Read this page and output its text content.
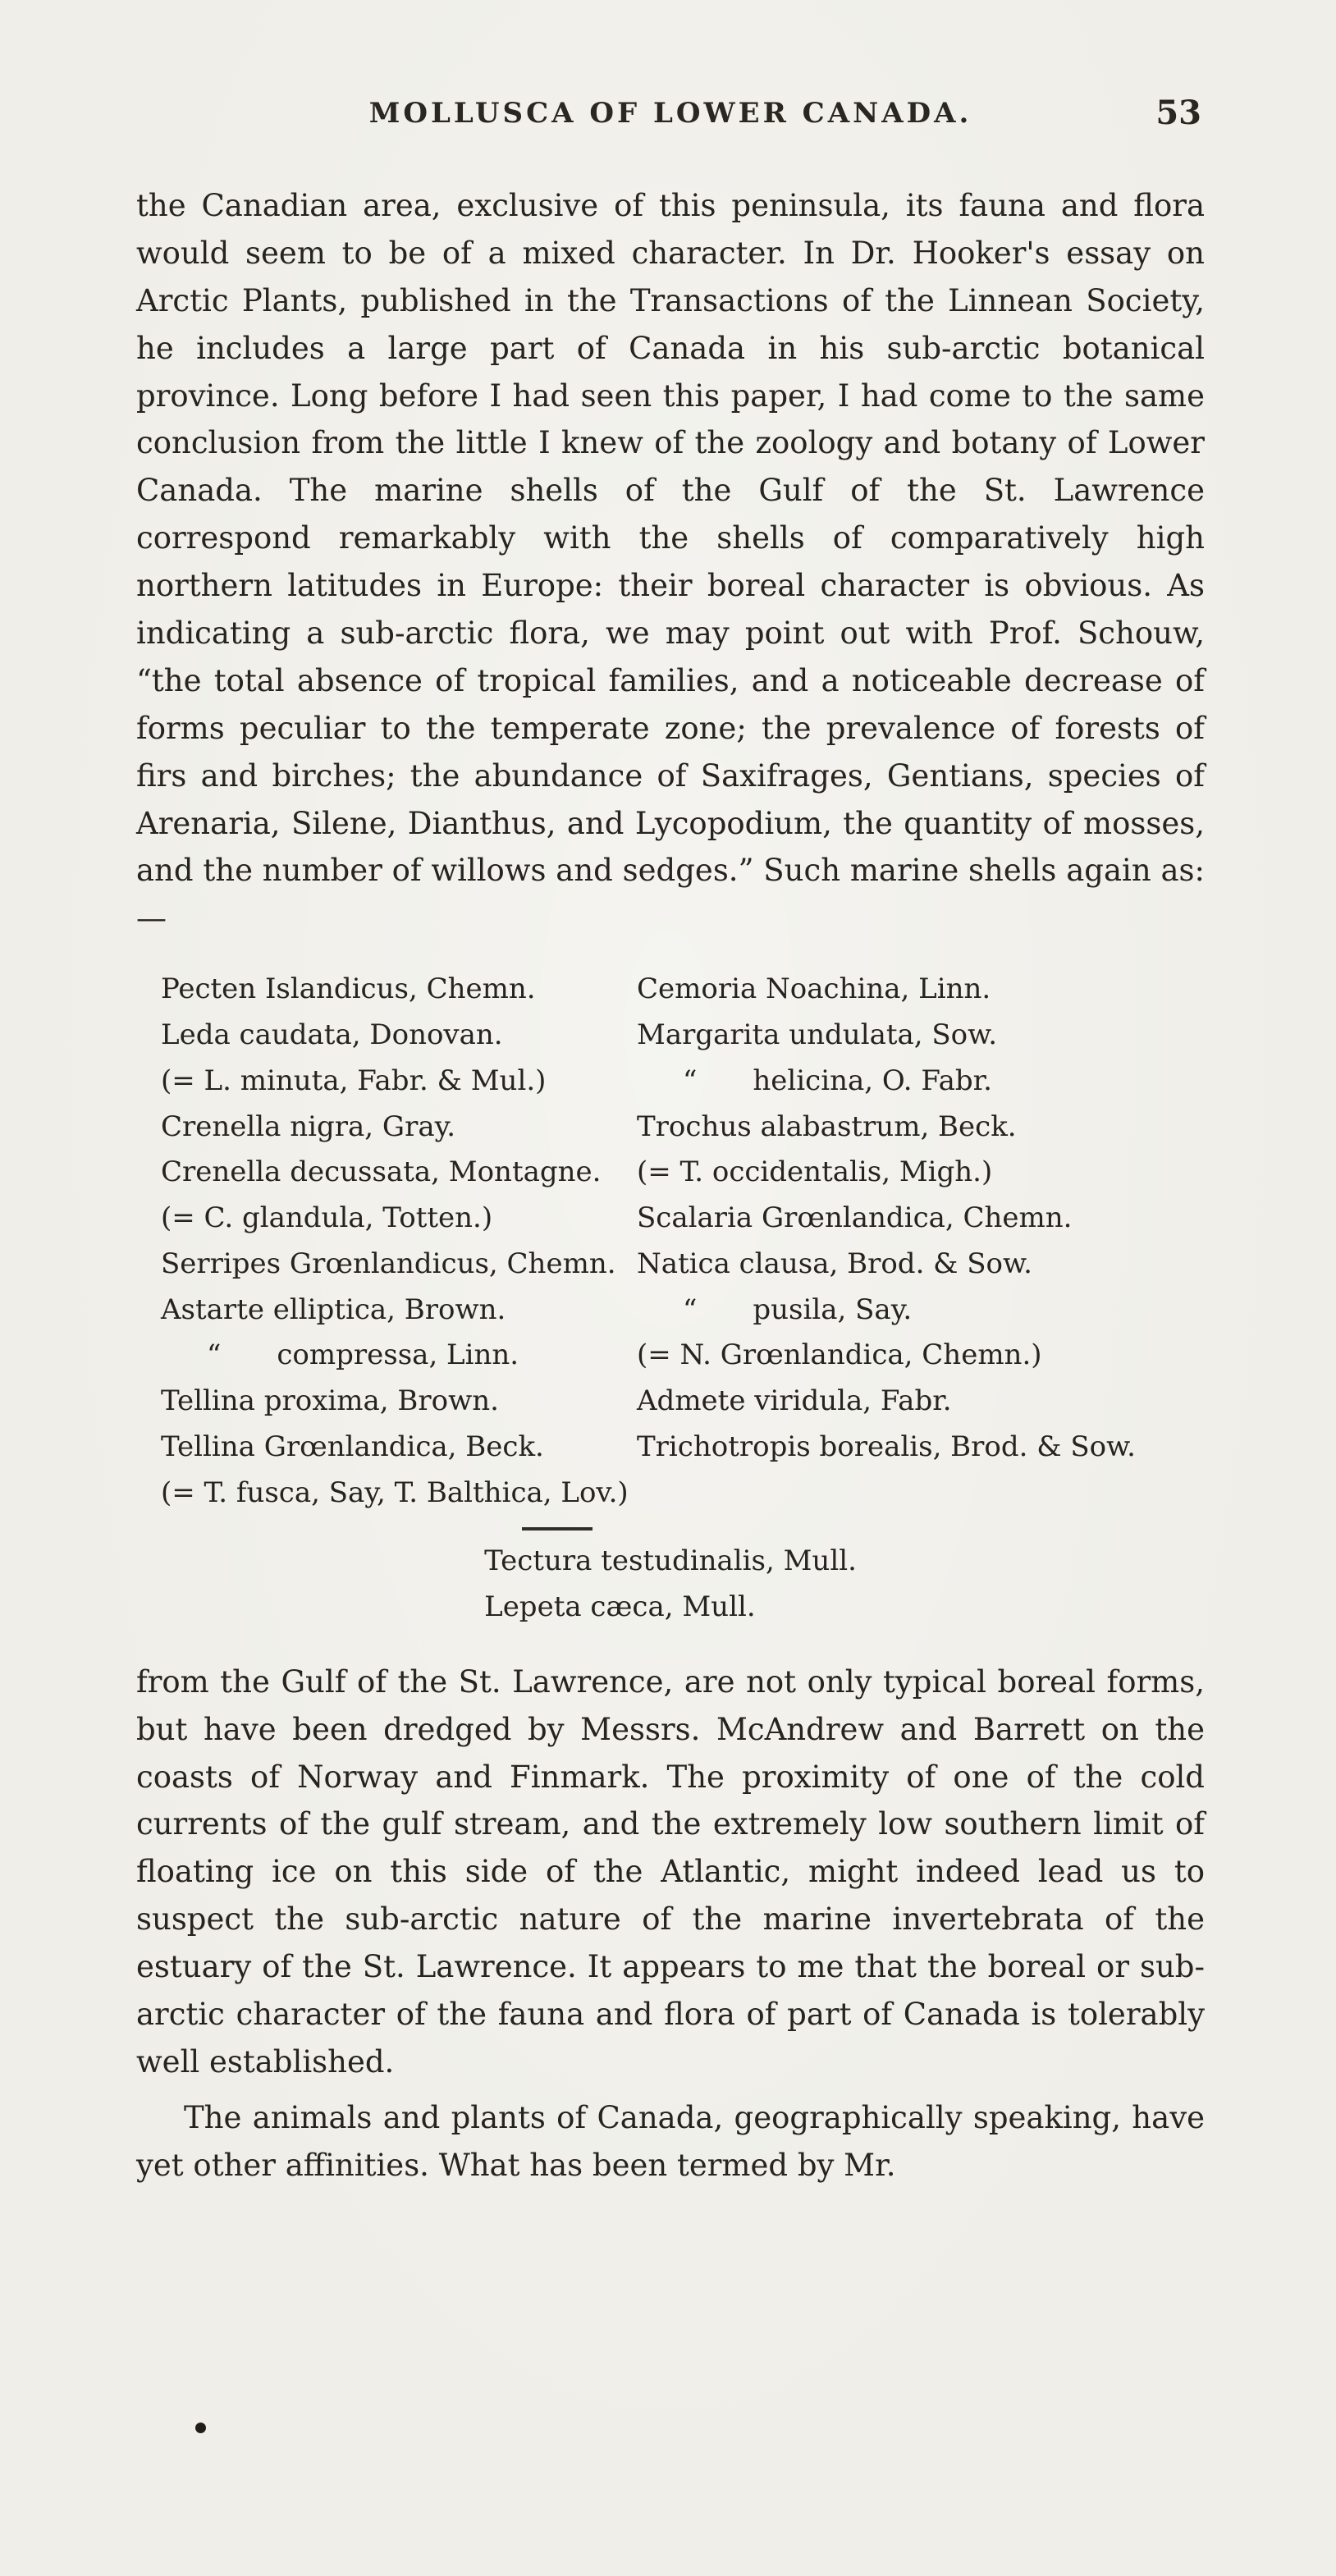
MOLLUSCA OF LOWER CANADA.	53

the Canadian area, exclusive of this peninsula, its fauna and flora would seem to be of a mixed character. In Dr. Hooker's essay on Arctic Plants, published in the Transactions of the Linnean Society, he includes a large part of Canada in his sub-arctic botanical province. Long before I had seen this paper, I had come to the same conclusion from the little I knew of the zoology and botany of Lower Canada. The marine shells of the Gulf of the St. Lawrence correspond remarkably with the shells of comparatively high northern latitudes in Europe: their boreal character is obvious. As indicating a sub-arctic flora, we may point out with Prof. Schouw, “the total absence of tropical families, and a noticeable decrease of forms peculiar to the temperate zone; the prevalence of forests of firs and birches; the abundance of Saxifrages, Gentians, species of Arenaria, Silene, Dianthus, and Lycopodium, the quantity of mosses, and the number of willows and sedges.” Such marine shells again as:—

Pecten Islandicus, Chemn.
Leda caudata, Donovan.
(= L. minuta, Fabr. & Mul.)
Crenella nigra, Gray.
Crenella decussata, Montagne.
(= C. glandula, Totten.)
Serripes Grœnlandicus, Chemn.
Astarte elliptica, Brown.
“  compressa, Linn.
Tellina proxima, Brown.
Tellina Grœnlandica, Beck.
(= T. fusca, Say, T. Balthica, Lov.)
Cemoria Noachina, Linn.
Margarita undulata, Sow.
“  helicina, O. Fabr.
Trochus alabastrum, Beck.
(= T. occidentalis, Migh.)
Scalaria Grœnlandica, Chemn.
Natica clausa, Brod. & Sow.
“  pusila, Say.
(= N. Grœnlandica, Chemn.)
Admete viridula, Fabr.
Trichotropis borealis, Brod. & Sow.
Tectura testudinalis, Mull.
Lepeta cæca, Mull.

from the Gulf of the St. Lawrence, are not only typical boreal forms, but have been dredged by Messrs. McAndrew and Barrett on the coasts of Norway and Finmark. The proximity of one of the cold currents of the gulf stream, and the extremely low southern limit of floating ice on this side of the Atlantic, might indeed lead us to suspect the sub-arctic nature of the marine invertebrata of the estuary of the St. Lawrence. It appears to me that the boreal or sub-arctic character of the fauna and flora of part of Canada is tolerably well established.

The animals and plants of Canada, geographically speaking, have yet other affinities. What has been termed by Mr.
